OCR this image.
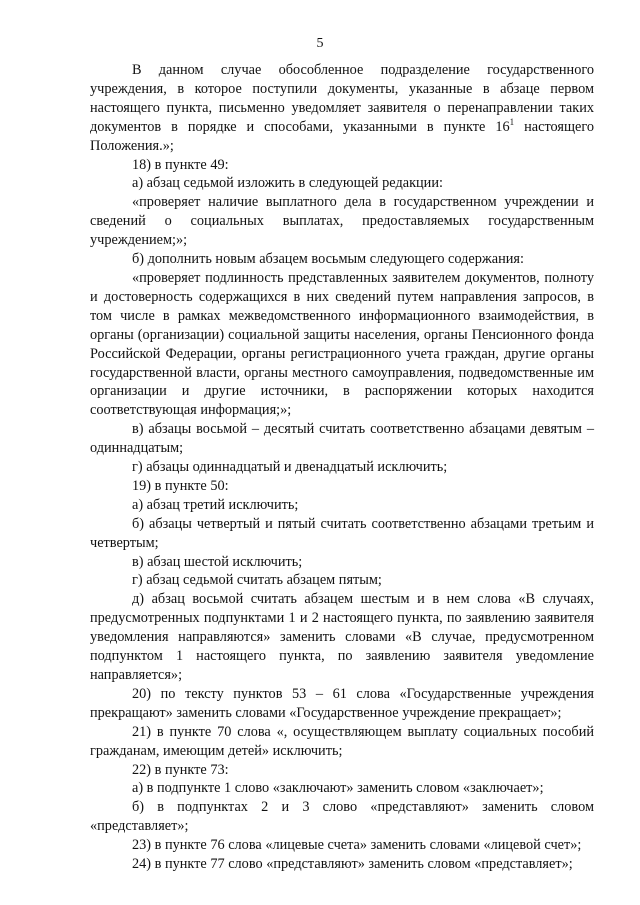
5

В данном случае обособленное подразделение государственного учреждения, в которое поступили документы, указанные в абзаце первом настоящего пункта, письменно уведомляет заявителя о перенаправлении таких документов в порядке и способами, указанными в пункте $16^1$ настоящего Положения.»;

18) в пункте 49:

а) абзац седьмой изложить в следующей редакции:

«проверяет наличие выплатного дела в государственном учреждении и сведений о социальных выплатах, предоставляемых государственным учреждением;»;

б) дополнить новым абзацем восьмым следующего содержания:

«проверяет подлинность представленных заявителем документов, полноту и достоверность содержащихся в них сведений путем направления запросов, в том числе в рамках межведомственного информационного взаимодействия, в органы (организации) социальной защиты населения, органы Пенсионного фонда Российской Федерации, органы регистрационного учета граждан, другие органы государственной власти, органы местного самоуправления, подведомственные им организации и другие источники, в распоряжении которых находится соответствующая информация;»;

в) абзацы восьмой – десятый считать соответственно абзацами девятым – одиннадцатым;

г) абзацы одиннадцатый и двенадцатый исключить;

19) в пункте 50:

а) абзац третий исключить;

б) абзацы четвертый и пятый считать соответственно абзацами третьим и четвертым;

в) абзац шестой исключить;

г) абзац седьмой считать абзацем пятым;

д) абзац восьмой считать абзацем шестым и в нем слова «В случаях, предусмотренных подпунктами 1 и 2 настоящего пункта, по заявлению заявителя уведомления направляются» заменить словами «В случае, предусмотренном подпунктом 1 настоящего пункта, по заявлению заявителя уведомление направляется»;

20) по тексту пунктов 53 – 61 слова «Государственные учреждения прекращают» заменить словами «Государственное учреждение прекращает»;

21) в пункте 70 слова «, осуществляющем выплату социальных пособий гражданам, имеющим детей» исключить;

22) в пункте 73:

а) в подпункте 1 слово «заключают» заменить словом «заключает»;

б) в подпунктах 2 и 3 слово «представляют» заменить словом «представляет»;

23) в пункте 76 слова «лицевые счета» заменить словами «лицевой счет»;

24) в пункте 77 слово «представляют» заменить словом «представляет»;
